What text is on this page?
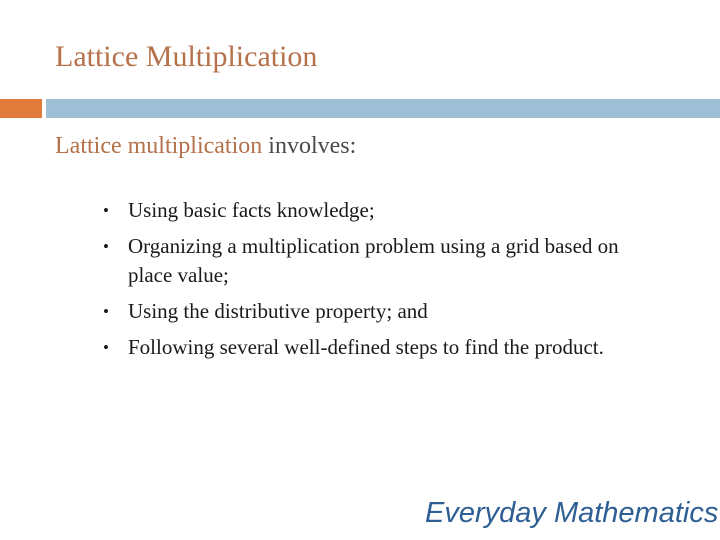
Lattice Multiplication
Lattice multiplication involves:
• Using basic facts knowledge;
• Organizing a multiplication problem using a grid based on place value;
• Using the distributive property; and
• Following several well-defined steps to find the product.
Everyday Mathematics
